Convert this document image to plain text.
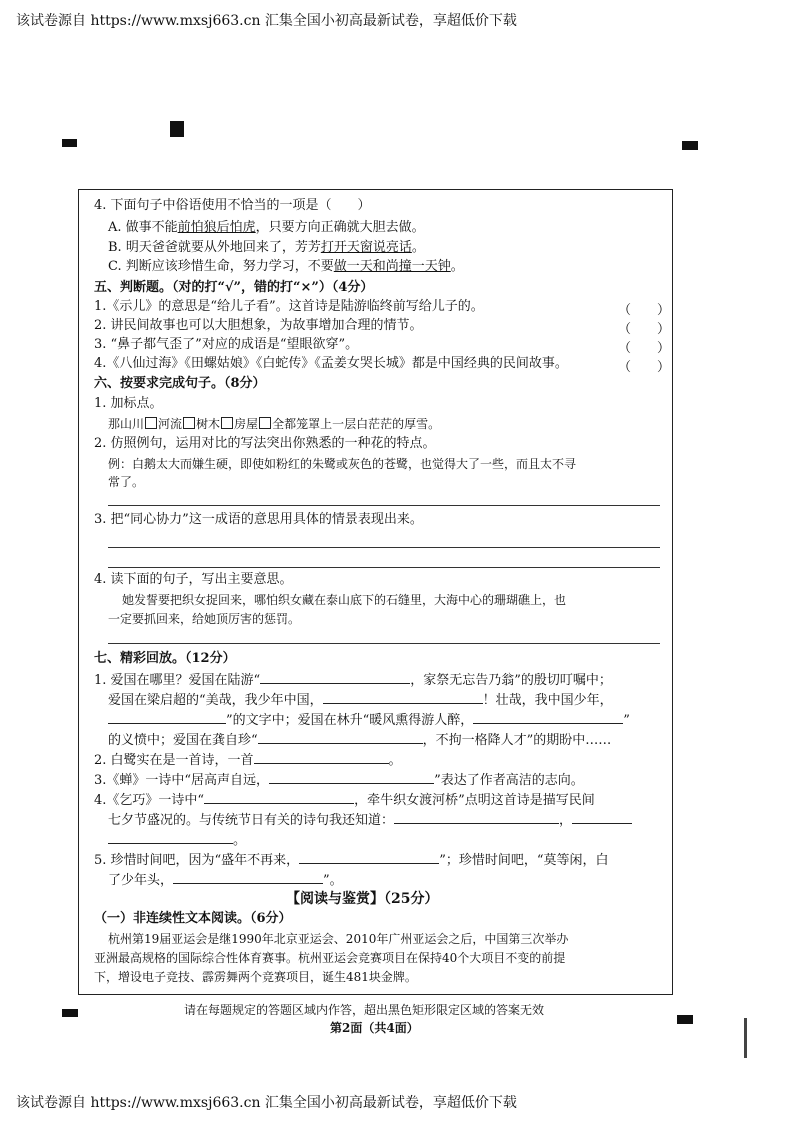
该试卷源自 https://www.mxsj663.cn 汇集全国小初高最新试卷，享超低价下载
4. 下面句子中俗语使用不恰当的一项是（　　）
A. 做事不能前怕狼后怕虎，只要方向正确就大胆去做。
B. 明天爸爸就要从外地回来了，芳芳打开天窗说亮话。
C. 判断应该珍惜生命，努力学习，不要做一天和尚撞一天钟。
五、判断题。（对的打“√”，错的打“×”）（4分）
1.《示儿》的意思是“给儿子看”。这首诗是陆游临终前写给儿子的。	（　　）
2. 讲民间故事也可以大胆想象，为故事增加合理的情节。	（　　）
3. “鼻子都气歪了”对应的成语是“望眼欲穿”。	（　　）
4.《八仙过海》《田螺姑娘》《白蛇传》《孟姜女哭长城》都是中国经典的民间故事。	（　　）
六、按要求完成句子。（8分）
1. 加标点。
那山川 河流 树木 房屋 全都笼罩上一层白茫茫的厚雪。
2. 仿照例句，运用对比的写法突出你熟悉的一种花的特点。
例：白鹅太大而嫌生硬，即使如粉红的朱鹭或灰色的苍鹭，也觉得大了一些，而且太不寻
常了。
3. 把“同心协力”这一成语的意思用具体的情景表现出来。
4. 读下面的句子，写出主要意思。
她发誓要把织女捉回来，哪怕织女藏在泰山底下的石缝里，大海中心的珊瑚礁上，也
一定要抓回来，给她顶厉害的惩罚。
七、精彩回放。（12分）
1. 爱国在哪里？爱国在陆游“	，家祭无忘告乃翁”的殷切叮嘱中；
爱国在梁启超的“美哉，我少年中国，	！壮哉，我中国少年，
”的文字中；爱国在林升“暖风熏得游人醉，	”
的义愤中；爱国在龚自珍“	，不拘一格降人才”的期盼中……
2. 白鹭实在是一首诗，一首	。
3.《蝉》一诗中“居高声自远，	”表达了作者高洁的志向。
4.《乞巧》一诗中“	，牵牛织女渡河桥”点明这首诗是描写民间
七夕节盛况的。与传统节日有关的诗句我还知道：	，
。
5. 珍惜时间吧，因为“盛年不再来，	”；珍惜时间吧，“莫等闲，白
了少年头，	”。
【阅读与鉴赏】（25分）
（一）非连续性文本阅读。（6分）
杭州第19届亚运会是继1990年北京亚运会、2010年广州亚运会之后，中国第三次举办
亚洲最高规格的国际综合性体育赛事。杭州亚运会竞赛项目在保持40个大项目不变的前提
下，增设电子竞技、霹雳舞两个竞赛项目，诞生481块金牌。
请在每题规定的答题区域内作答，超出黑色矩形限定区域的答案无效
第2面（共4面）
该试卷源自 https://www.mxsj663.cn 汇集全国小初高最新试卷，享超低价下载
